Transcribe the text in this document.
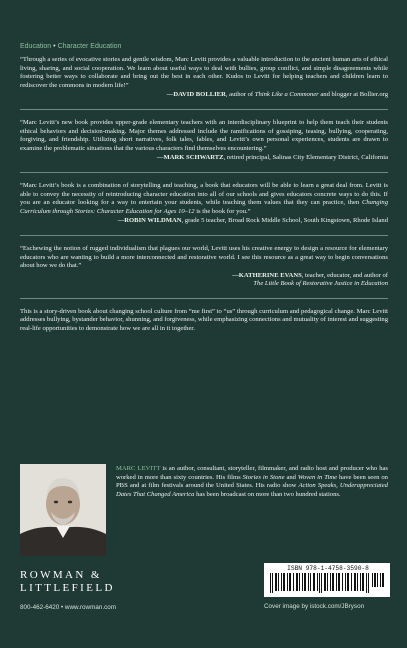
Education • Character Education

“Through a series of evocative stories and gentle wisdom, Marc Levitt provides a valuable introduction to the ancient human arts of ethical living, sharing, and social cooperation. We learn about useful ways to deal with bullies, group conflict, and simple disagreements while fostering better ways to collaborate and bring out the best in each other. Kudos to Levitt for helping teachers and children learn to rediscover the commons in modern life!”

—DAVID BOLLIER, author of Think Like a Commoner and blogger at Bollier.org

“Marc Levitt’s new book provides upper-grade elementary teachers with an interdisciplinary blueprint to help them teach their students ethical behaviors and decision-making. Major themes addressed include the ramifications of gossiping, teasing, bullying, cooperating, forgiving, and friendship. Utilizing short narratives, folk tales, fables, and Levitt’s own personal experiences, students are drawn to examine the problematic situations that the various characters find themselves encountering.”

—MARK SCHWARTZ, retired principal, Salinas City Elementary District, California

“Marc Levitt’s book is a combination of storytelling and teaching, a book that educators will be able to learn a great deal from. Levitt is able to convey the necessity of reintroducing character education into all of our schools and gives educators concrete ways to do this. If you are an educator looking for a way to entertain your students, while teaching them values that they can practice, then Changing Curriculum through Stories: Character Education for Ages 10–12 is the book for you.”

—ROBIN WILDMAN, grade 5 teacher, Broad Rock Middle School, South Kingstown, Rhode Island

“Eschewing the notion of rugged individualism that plagues our world, Levitt uses his creative energy to design a resource for elementary educators who are wanting to build a more interconnected and restorative world. I see this resource as a great way to begin conversations about how we do that.”

—KATHERINE EVANS, teacher, educator, and author of
The Little Book of Restorative Justice in Education

This is a story-driven book about changing school culture from “me first” to “us” through curriculum and pedagogical change. Marc Levitt addresses bullying, bystander behavior, shunning, and forgiveness, while emphasizing connections and mutuality of interest and suggesting real-life opportunities to demonstrate how we are all in it together.

MARC LEVITT is an author, consultant, storyteller, filmmaker, and radio host and producer who has worked in more than sixty countries. His films Stories in Stone and Woven in Time have been seen on PBS and at film festivals around the United States. His radio show Action Speaks, Underappreciated Dates That Changed America has been broadcast on more than two hundred stations.

ROWMAN &
LITTLEFIELD
800-462-6420 • www.rowman.com
ISBN 978-1-4758-3590-8
Cover image by istock.com/JBryson
